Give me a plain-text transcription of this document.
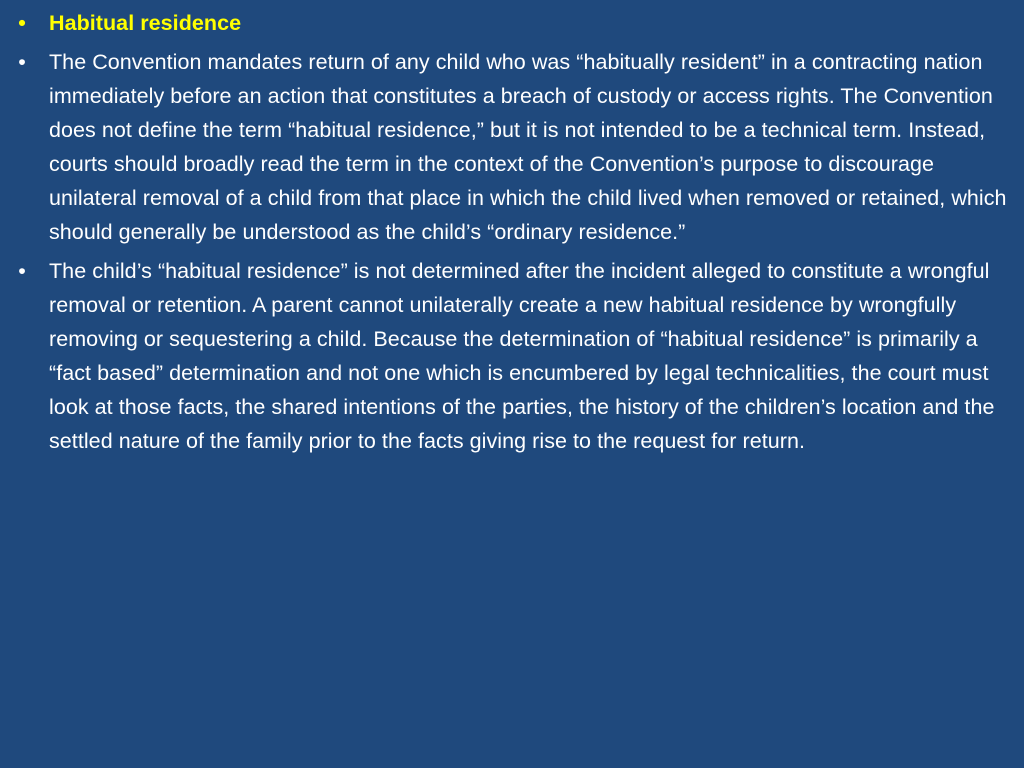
• Habitual residence
• The Convention mandates return of any child who was “habitually resident” in a contracting nation immediately before an action that constitutes a breach of custody or access rights. The Convention does not define the term “habitual residence,” but it is not intended to be a technical term. Instead, courts should broadly read the term in the context of the Convention’s purpose to discourage unilateral removal of a child from that place in which the child lived when removed or retained, which should generally be understood as the child’s “ordinary residence.”
• The child’s “habitual residence” is not determined after the incident alleged to constitute a wrongful removal or retention. A parent cannot unilaterally create a new habitual residence by wrongfully removing or sequestering a child. Because the determination of “habitual residence” is primarily a “fact based” determination and not one which is encumbered by legal technicalities, the court must look at those facts, the shared intentions of the parties, the history of the children’s location and the settled nature of the family prior to the facts giving rise to the request for return.
